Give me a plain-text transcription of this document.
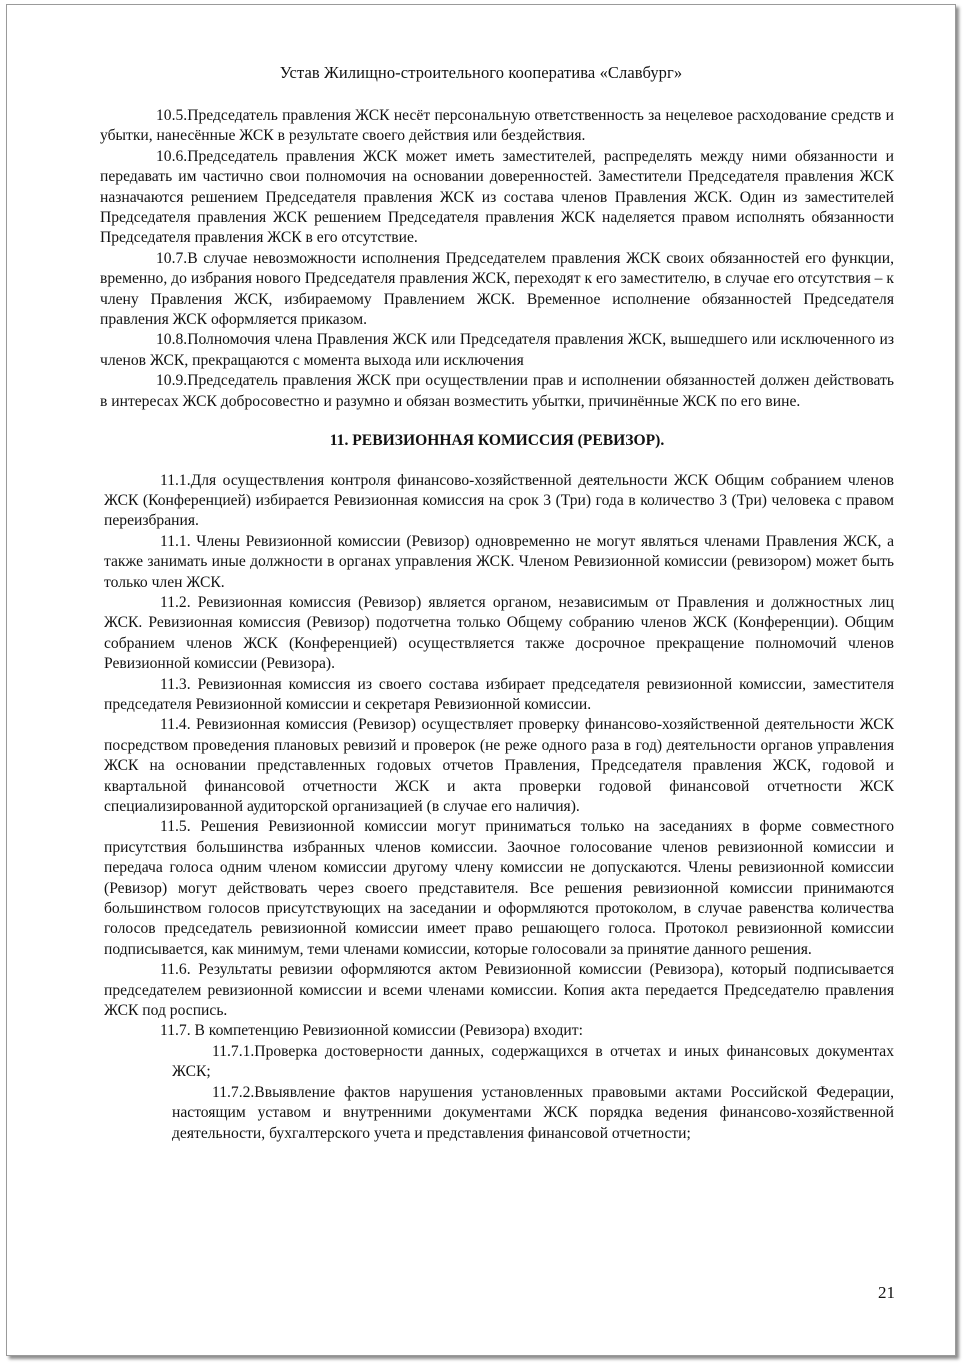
Устав Жилищно-строительного кооператива «Славбург»

10.5.Председатель правления ЖСК несёт персональную ответственность за нецелевое расходование средств и убытки, нанесённые ЖСК в результате своего действия или бездействия.

10.6.Председатель правления ЖСК может иметь заместителей, распределять между ними обязанности и передавать им частично свои полномочия на основании доверенностей. Заместители Председателя правления ЖСК назначаются решением Председателя правления ЖСК из состава членов Правления ЖСК. Один из заместителей Председателя правления ЖСК решением Председателя правления ЖСК наделяется правом исполнять обязанности Председателя правления ЖСК в его отсутствие.

10.7.В случае невозможности исполнения Председателем правления ЖСК своих обязанностей его функции, временно, до избрания нового Председателя правления ЖСК, переходят к его заместителю, в случае его отсутствия – к члену Правления ЖСК, избираемому Правлением ЖСК. Временное исполнение обязанностей Председателя правления ЖСК оформляется приказом.

10.8.Полномочия члена Правления ЖСК или Председателя правления ЖСК, вышедшего или исключенного из членов ЖСК, прекращаются с момента выхода или исключения

10.9.Председатель правления ЖСК при осуществлении прав и исполнении обязанностей должен действовать в интересах ЖСК добросовестно и разумно и обязан возместить убытки, причинённые ЖСК по его вине.

11. РЕВИЗИОННАЯ КОМИССИЯ (РЕВИЗОР).

11.1.Для осуществления контроля финансово-хозяйственной деятельности ЖСК Общим собранием членов ЖСК (Конференцией) избирается Ревизионная комиссия на срок 3 (Три) года в количество 3 (Три) человека с правом переизбрания.

11.1. Члены Ревизионной комиссии (Ревизор) одновременно не могут являться членами Правления ЖСК, а также занимать иные должности в органах управления ЖСК. Членом Ревизионной комиссии (ревизором) может быть только член ЖСК.

11.2. Ревизионная комиссия (Ревизор) является органом, независимым от Правления и должностных лиц ЖСК. Ревизионная комиссия (Ревизор) подотчетна только Общему собранию членов ЖСК (Конференции). Общим собранием членов ЖСК (Конференцией) осуществляется также досрочное прекращение полномочий членов Ревизионной комиссии (Ревизора).

11.3. Ревизионная комиссия из своего состава избирает председателя ревизионной комиссии, заместителя председателя Ревизионной комиссии и секретаря Ревизионной комиссии.

11.4. Ревизионная комиссия (Ревизор) осуществляет проверку финансово-хозяйственной деятельности ЖСК посредством проведения плановых ревизий и проверок (не реже одного раза в год) деятельности органов управления ЖСК на основании представленных годовых отчетов Правления, Председателя правления ЖСК, годовой и квартальной финансовой отчетности ЖСК и акта проверки годовой финансовой отчетности ЖСК специализированной аудиторской организацией (в случае его наличия).

11.5. Решения Ревизионной комиссии могут приниматься только на заседаниях в форме совместного присутствия большинства избранных членов комиссии. Заочное голосование членов ревизионной комиссии и передача голоса одним членом комиссии другому члену комиссии не допускаются. Члены ревизионной комиссии (Ревизор) могут действовать через своего представителя. Все решения ревизионной комиссии принимаются большинством голосов присутствующих на заседании и оформляются протоколом, в случае равенства количества голосов председатель ревизионной комиссии имеет право решающего голоса. Протокол ревизионной комиссии подписывается, как минимум, теми членами комиссии, которые голосовали за принятие данного решения.

11.6. Результаты ревизии оформляются актом Ревизионной комиссии (Ревизора), который подписывается председателем ревизионной комиссии и всеми членами комиссии. Копия акта передается Председателю правления ЖСК под роспись.

11.7. В компетенцию Ревизионной комиссии (Ревизора) входит:

11.7.1.Проверка достоверности данных, содержащихся в отчетах и иных финансовых документах ЖСК;

11.7.2.Ввыявление фактов нарушения установленных правовыми актами Российской Федерации, настоящим уставом и внутренними документами ЖСК порядка ведения финансово-хозяйственной деятельности, бухгалтерского учета и представления финансовой отчетности;

21
